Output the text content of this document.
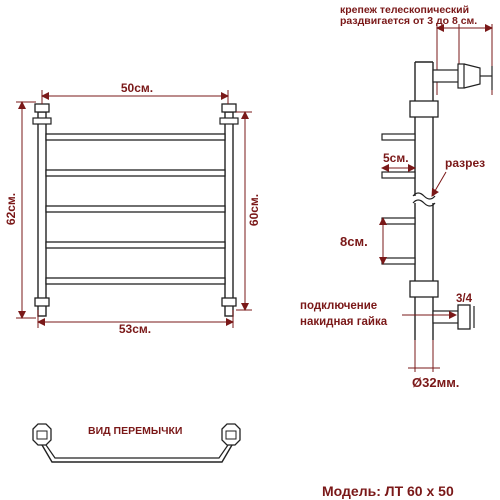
50см.
53см.
62см.	60см.
крепеж телескопический
раздвигается от 3 до 8 см.
5см.	разрез
8см.
3/4
подключение
накидная гайка
Ø32мм.
ВИД ПЕРЕМЫЧКИ
Модель: ЛТ 60 х 50
